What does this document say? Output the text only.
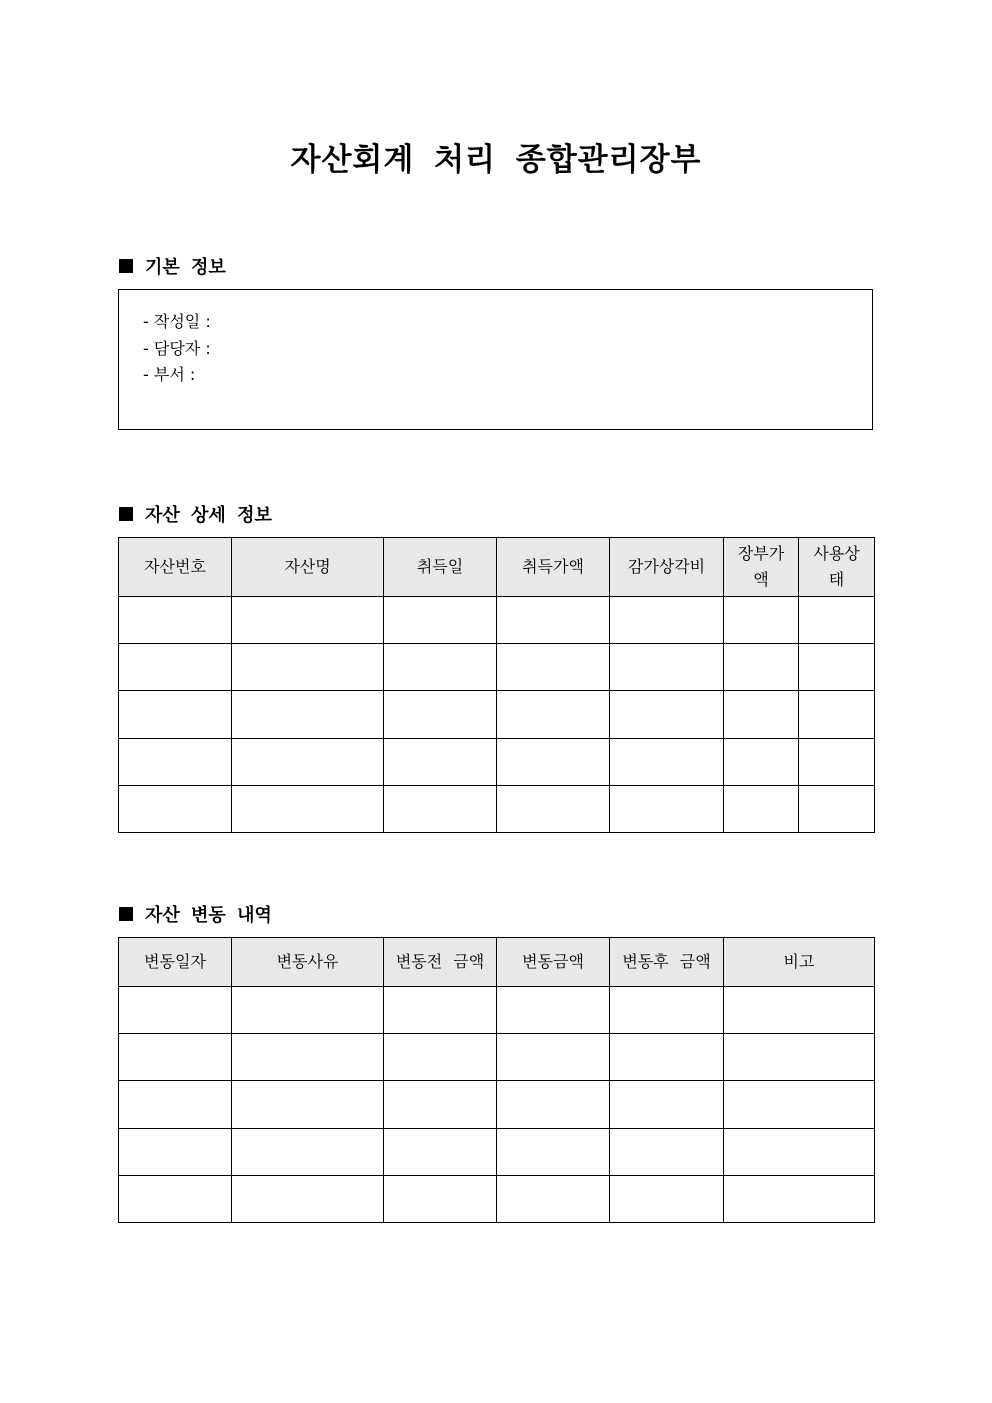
자산회계 처리 종합관리장부
기본 정보
- 작성일 :
- 담당자 :
- 부서 :
자산 상세 정보
자산번호	자산명	취득일	취득가액	감가상각비	장부가액	사용상태

자산 변동 내역
변동일자	변동사유	변동전 금액	변동금액	변동후 금액	비고
